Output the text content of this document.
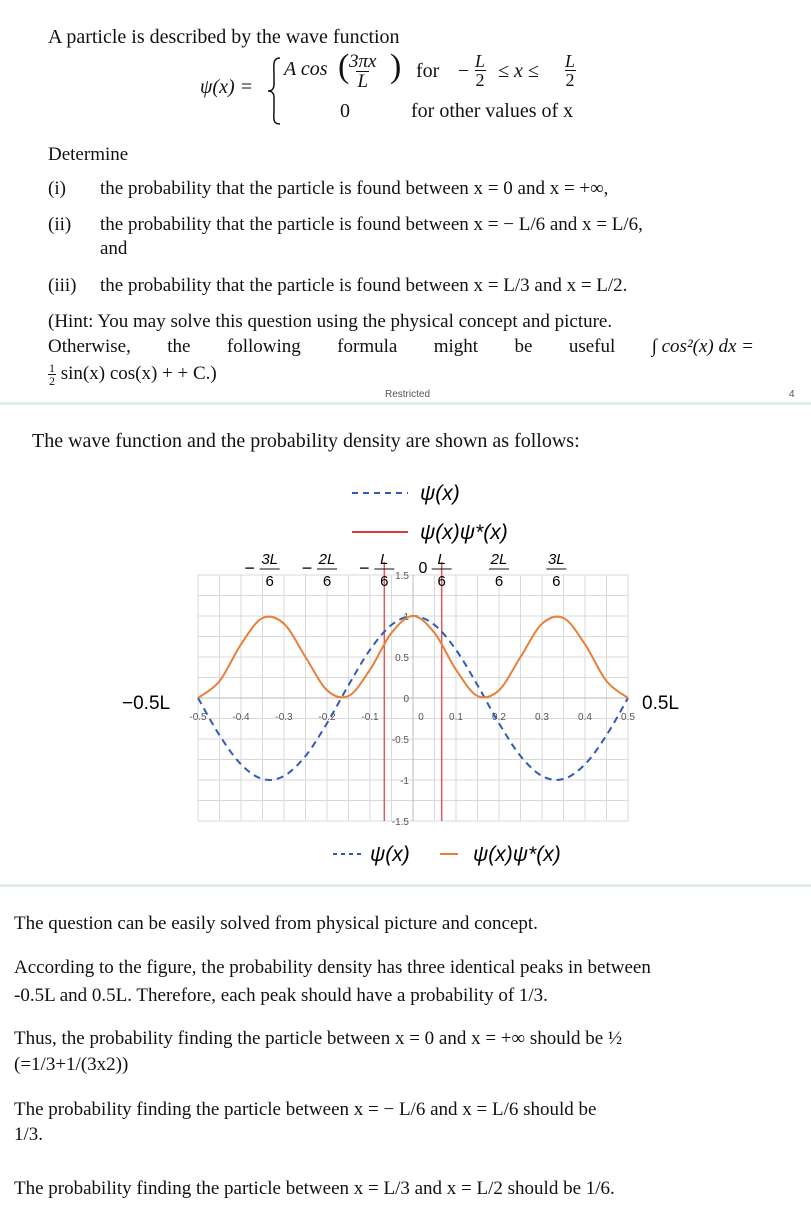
A particle is described by the wave function
ψ(x) =
A cos (
$\frac{3\pi x}{L}$ ) for − $\frac{L}{2} \le x \le \frac{L}{2}$
0	for other values of x
Determine
(i) the probability that the particle is found between x = 0 and x = +∞,
(ii) the probability that the particle is found between x = − L/6 and x = L/6,
and
(iii) the probability that the particle is found between x = L/3 and x = L/2.
(Hint: You may solve this question using the physical concept and picture.
Otherwise, the following formula might be useful ∫ cos²(x) dx =
$\frac{1}{2} \sin(x) \cos(x)$ + + C.)
Restricted	4
The wave function and the probability density are shown as follows:
ψ(x)
ψ(x)ψ*(x)
1.5
1
0.5
0
-0.5
-1
-1.5
-0.5	-0.4	-0.3	-0.2	-0.1	0	0.1	0.2	0.3	0.4	0.5
− 3L
6
− 2L
6
− L
6
L
6
2L
6
3L
6
0
−0.5L	0.5L
ψ(x)	ψ(x)ψ*(x)
The question can be easily solved from physical picture and concept.
According to the figure, the probability density has three identical peaks in between
-0.5L and 0.5L. Therefore, each peak should have a probability of 1/3.
Thus, the probability finding the particle between x = 0 and x = +∞ should be ½
(=1/3+1/(3x2))
The probability finding the particle between x = − L/6 and x = L/6 should be
1/3.
The probability finding the particle between x = L/3 and x = L/2 should be 1/6.
